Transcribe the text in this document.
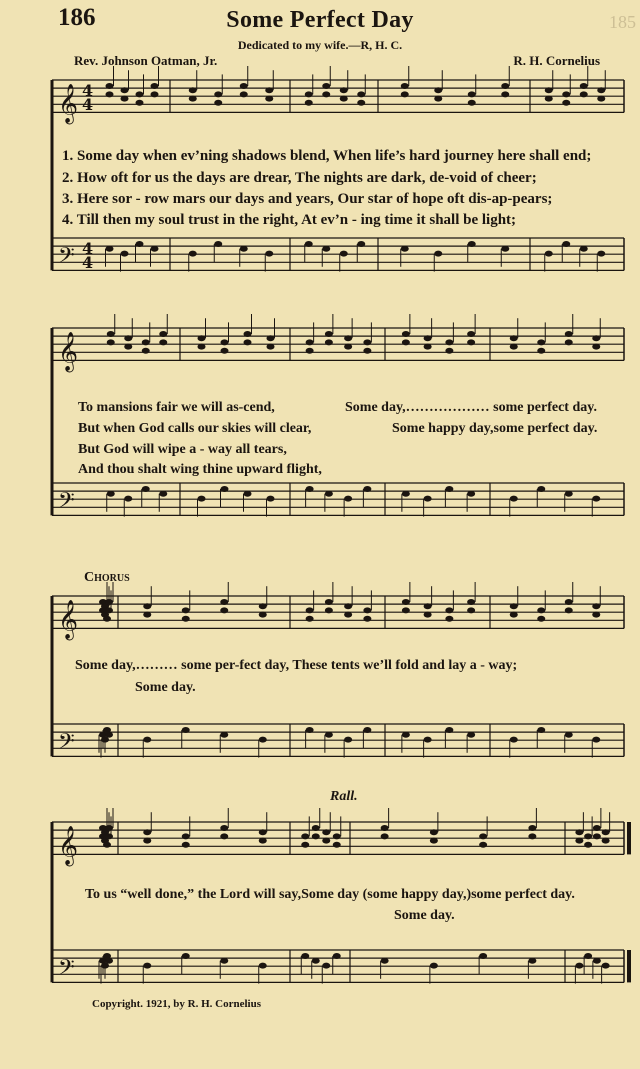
186	185
Some Perfect Day
Dedicated to my wife.—R, H. C.
Rev. Johnson Oatman, Jr.	R. H. Cornelius
𝄞
𝄢
𝄞
𝄢
𝄞
𝄢
𝄞
𝄢
4
4
4
4
1. Some day when ev’ning shadows blend, When life’s hard journey here shall end;
2. How oft for us the days are drear, The nights are dark, de-void of cheer;
3. Here sor - row mars our days and years, Our star of hope oft dis-ap-pears;
4. Till then my soul trust in the right, At ev’n - ing time it shall be light;
To mansions fair we will as-cend,
But when God calls our skies will clear,
But God will wipe a - way all tears,
And thou shalt wing thine upward flight,
Some day,……………… some perfect day.
Some happy day,some perfect day.
Chorus
Some day,……… some per-fect day, These tents we’ll fold and lay a - way;
Some day.
Rall.
To us “well done,” the Lord will say,Some day (some happy day,)some perfect day.
Some day.
Copyright. 1921, by R. H. Cornelius
